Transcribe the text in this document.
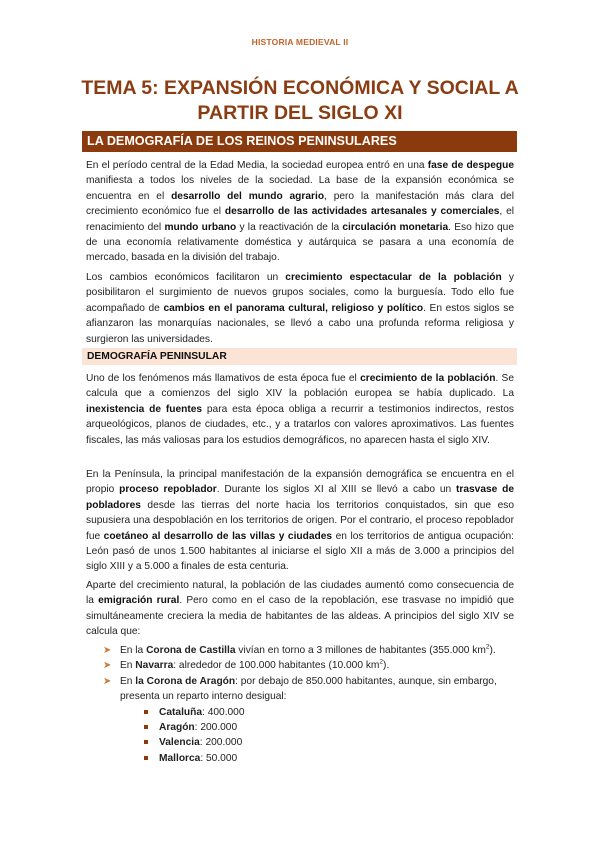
HISTORIA MEDIEVAL II
TEMA 5: EXPANSIÓN ECONÓMICA Y SOCIAL A PARTIR DEL SIGLO XI
LA DEMOGRAFÍA DE LOS REINOS PENINSULARES
En el período central de la Edad Media, la sociedad europea entró en una fase de despegue manifiesta a todos los niveles de la sociedad. La base de la expansión económica se encuentra en el desarrollo del mundo agrario, pero la manifestación más clara del crecimiento económico fue el desarrollo de las actividades artesanales y comerciales, el renacimiento del mundo urbano y la reactivación de la circulación monetaria. Eso hizo que de una economía relativamente doméstica y autárquica se pasara a una economía de mercado, basada en la división del trabajo.
Los cambios económicos facilitaron un crecimiento espectacular de la población y posibilitaron el surgimiento de nuevos grupos sociales, como la burguesía. Todo ello fue acompañado de cambios en el panorama cultural, religioso y político. En estos siglos se afianzaron las monarquías nacionales, se llevó a cabo una profunda reforma religiosa y surgieron las universidades.
DEMOGRAFÍA PENINSULAR
Uno de los fenómenos más llamativos de esta época fue el crecimiento de la población. Se calcula que a comienzos del siglo XIV la población europea se había duplicado. La inexistencia de fuentes para esta época obliga a recurrir a testimonios indirectos, restos arqueológicos, planos de ciudades, etc., y a tratarlos con valores aproximativos. Las fuentes fiscales, las más valiosas para los estudios demográficos, no aparecen hasta el siglo XIV.
En la Península, la principal manifestación de la expansión demográfica se encuentra en el propio proceso repoblador. Durante los siglos XI al XIII se llevó a cabo un trasvase de pobladores desde las tierras del norte hacia los territorios conquistados, sin que eso supusiera una despoblación en los territorios de origen. Por el contrario, el proceso repoblador fue coetáneo al desarrollo de las villas y ciudades en los territorios de antigua ocupación: León pasó de unos 1.500 habitantes al iniciarse el siglo XII a más de 3.000 a principios del siglo XIII y a 5.000 a finales de esta centuria.
Aparte del crecimiento natural, la población de las ciudades aumentó como consecuencia de la emigración rural. Pero como en el caso de la repoblación, ese trasvase no impidió que simultáneamente creciera la media de habitantes de las aldeas. A principios del siglo XIV se calcula que:
➤ En la Corona de Castilla vivían en torno a 3 millones de habitantes (355.000 $km^2$).
➤ En Navarra: alrededor de 100.000 habitantes (10.000 $km^2$).
➤ En la Corona de Aragón: por debajo de 850.000 habitantes, aunque, sin embargo, presenta un reparto interno desigual:
Cataluña: 400.000
Aragón: 200.000
Valencia: 200.000
Mallorca: 50.000
